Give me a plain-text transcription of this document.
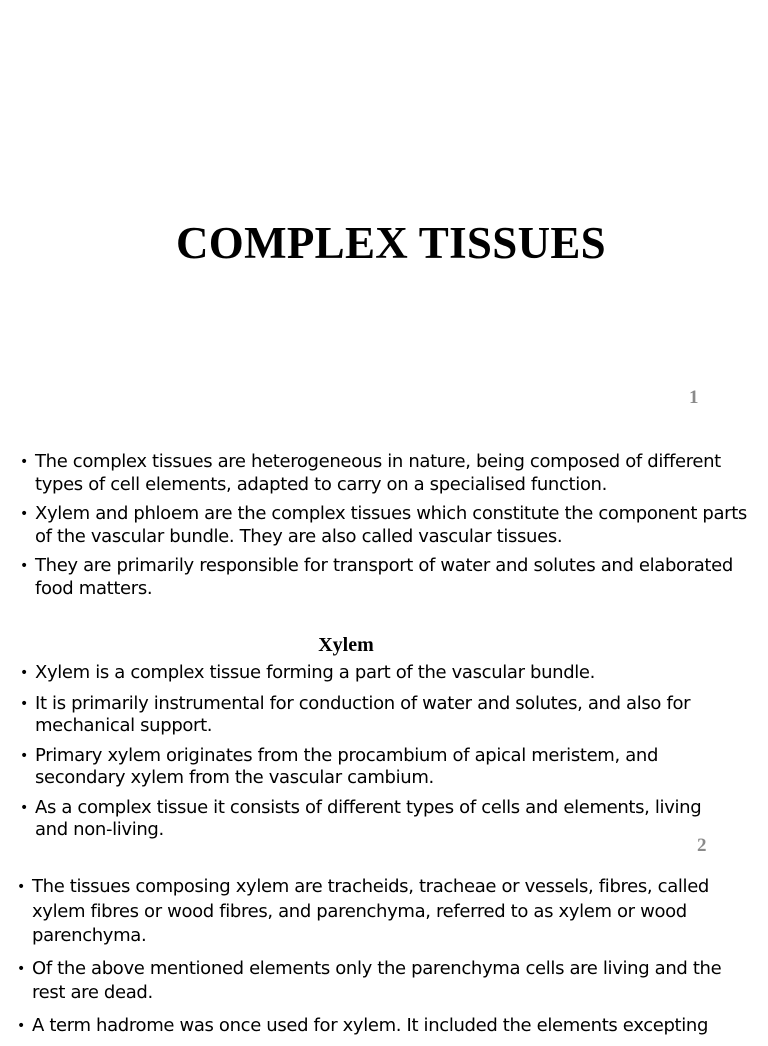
COMPLEX TISSUES
1
• The complex tissues are heterogeneous in nature, being composed of different types of cell elements, adapted to carry on a specialised function.
• Xylem and phloem are the complex tissues which constitute the component parts of the vascular bundle. They are also called vascular tissues.
• They are primarily responsible for transport of water and solutes and elaborated food matters.
Xylem
• Xylem is a complex tissue forming a part of the vascular bundle.
• It is primarily instrumental for conduction of water and solutes, and also for mechanical support.
• Primary xylem originates from the procambium of apical meristem, and secondary xylem from the vascular cambium.
• As a complex tissue it consists of different types of cells and elements, living and non-living.
2
• The tissues composing xylem are tracheids, tracheae or vessels, fibres, called xylem fibres or wood fibres, and parenchyma, referred to as xylem or wood parenchyma.
• Of the above mentioned elements only the parenchyma cells are living and the rest are dead.
• A term hadrome was once used for xylem. It included the elements excepting
